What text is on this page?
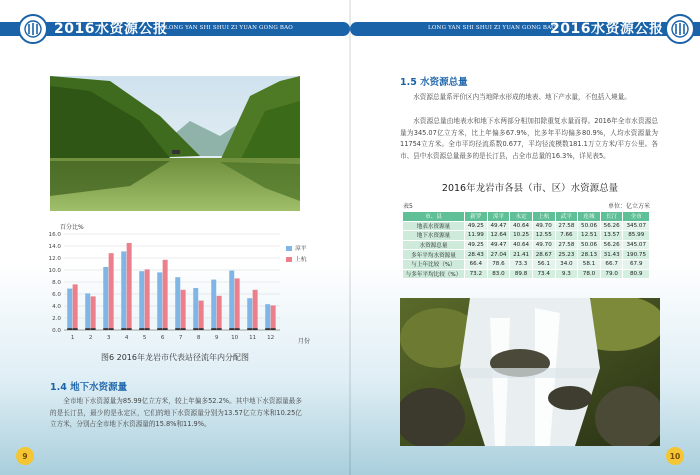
2016水资源公报
LONG YAN SHI SHUI ZI YUAN GONG BAO
百分比%
0.0
2.0
4.0
6.0
8.0
10.0
12.0
14.0
16.0
1	2	3	4	5	6	7	8	9 10 11 12	月份
漳平
上杭
图6 2016年龙岩市代表站径流年内分配图
1.4 地下水资源量
全市地下水资源量为85.99亿立方米，较上年偏多52.2%。其中地下水资源量最多的是长汀县，最少的是永定区，它们的地下水资源量分别为13.57亿立方米和10.25亿立方米，分别占全市地下水资源量的15.8%和11.9%。
9
LONG YAN SHI SHUI ZI YUAN GONG BAO
2016水资源公报
1.5 水资源总量
水资源总量系评价区内当地降水形成的地表、地下产水量，不包括入境量。
水资源总量由地表水和地下水两部分相加扣除重复水量而得。2016年全市水资源总量为345.07亿立方米，比上年偏多67.9%，比多年平均偏多80.9%，人均水资源量为11754立方米。全市平均径流系数0.677，平均径流模数181.1万立方米/平方公里。各市、县中水资源总量最多的是长汀县，占全市总量的16.3%，详见表5。
2016年龙岩市各县（市、区）水资源总量
表5	单位：亿立方米
市、县	新罗	漳平	永定	上杭	武平	连城	长汀	全市
地表水资源量	49.25	49.47	40.64	49.70	27.58	50.06	56.26	345.07
地下水资源量	11.99	12.64	10.25	12.55	7.66	12.51	13.57	85.99
水资源总量	49.25	49.47	40.64	49.70	27.58	50.06	56.26	345.07
多年平均水资源量	28.43	27.04	21.41	28.67	25.23	28.13	31.43	190.75
与上年比较（%）	66.4	78.6	73.3	56.1	34.0	58.1	66.7	67.9
与多年平均比较（%）	73.2	83.0	89.8	73.4	9.3	78.0	79.0	80.9
10
